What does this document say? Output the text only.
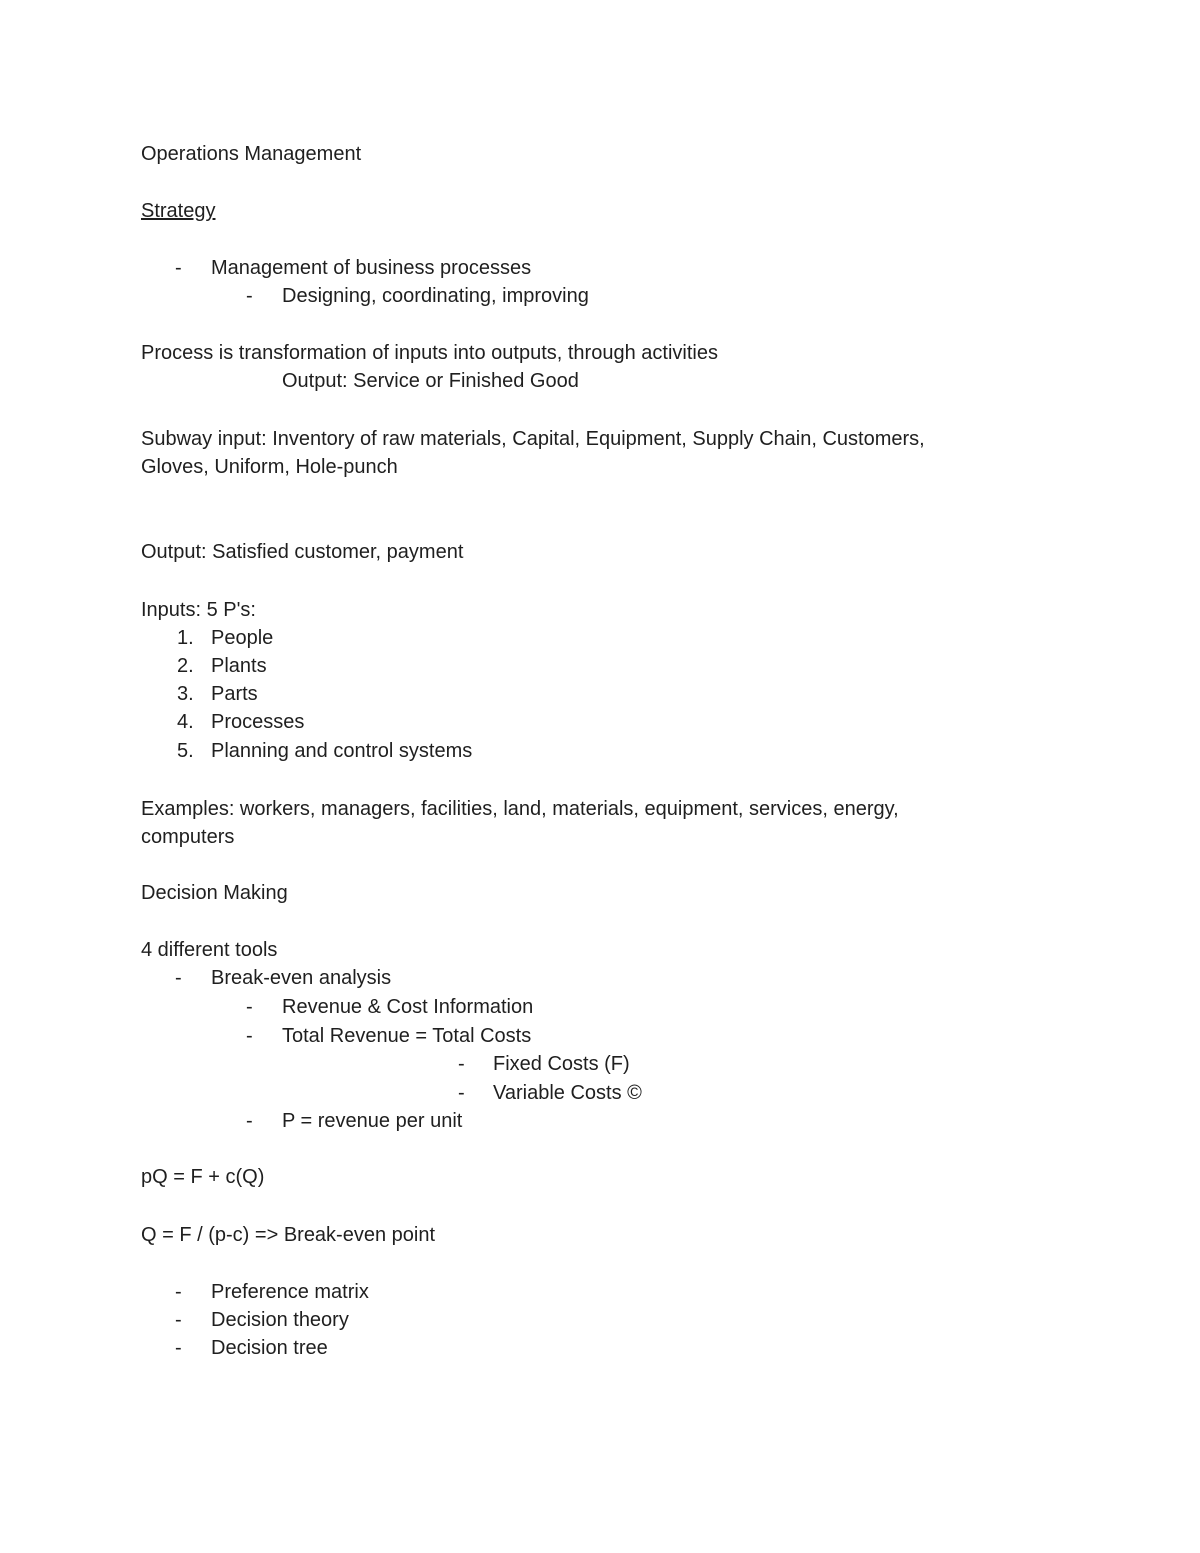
Operations Management
Strategy
- Management of business processes
- Designing, coordinating, improving
Process is transformation of inputs into outputs, through activities
Output: Service or Finished Good
Subway input: Inventory of raw materials, Capital, Equipment, Supply Chain, Customers,
Gloves, Uniform, Hole-punch
Output: Satisfied customer, payment
Inputs: 5 P's:
1. People
2. Plants
3. Parts
4. Processes
5. Planning and control systems
Examples: workers, managers, facilities, land, materials, equipment, services, energy,
computers
Decision Making
4 different tools
- Break-even analysis
- Revenue & Cost Information
- Total Revenue = Total Costs
- Fixed Costs (F)
- Variable Costs ©
- P = revenue per unit
pQ = F + c(Q)
Q = F / (p-c) => Break-even point
- Preference matrix
- Decision theory
- Decision tree
